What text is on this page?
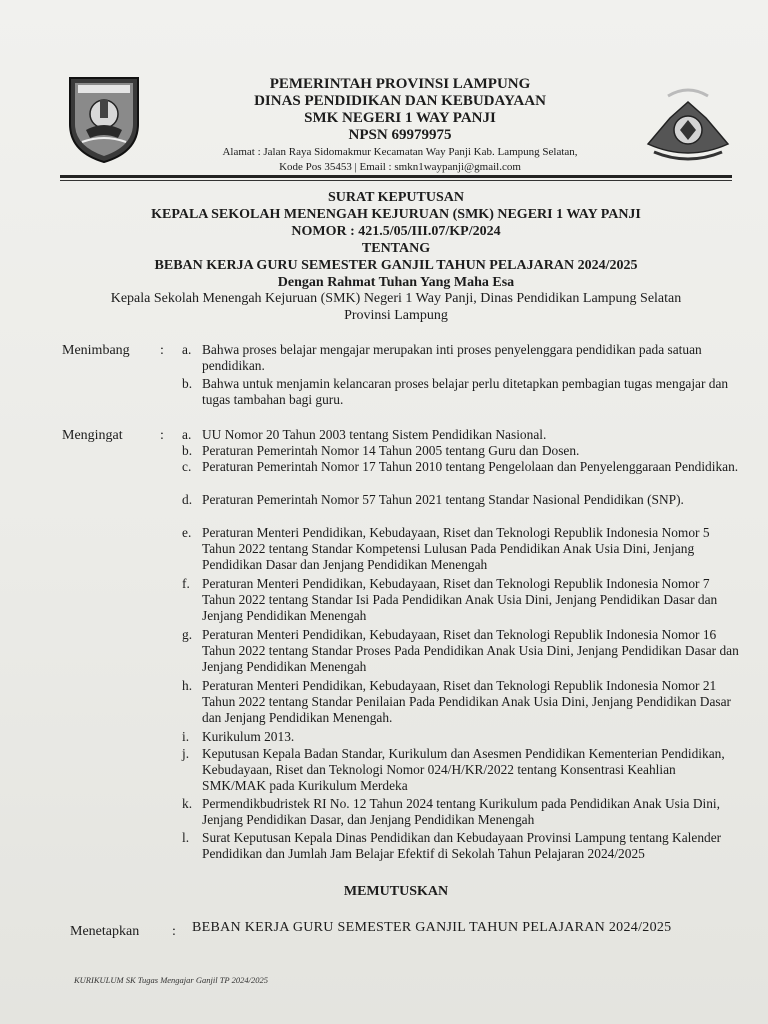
PEMERINTAH PROVINSI LAMPUNG
DINAS PENDIDIKAN DAN KEBUDAYAAN
SMK NEGERI 1 WAY PANJI
NPSN 69979975
Alamat : Jalan Raya Sidomakmur Kecamatan Way Panji Kab. Lampung Selatan,
Kode Pos 35453 | Email : smkn1waypanji@gmail.com
SURAT KEPUTUSAN
KEPALA SEKOLAH MENENGAH KEJURUAN (SMK) NEGERI 1 WAY PANJI
NOMOR : 421.5/05/III.07/KP/2024
TENTANG
BEBAN KERJA GURU SEMESTER GANJIL TAHUN PELAJARAN 2024/2025
Dengan Rahmat Tuhan Yang Maha Esa
Kepala Sekolah Menengah Kejuruan (SMK) Negeri 1 Way Panji, Dinas Pendidikan Lampung Selatan
Provinsi Lampung
Menimbang : a. Bahwa proses belajar mengajar merupakan inti proses penyelenggara pendidikan pada satuan pendidikan.
b. Bahwa untuk menjamin kelancaran proses belajar perlu ditetapkan pembagian tugas mengajar dan tugas tambahan bagi guru.
Mengingat	: a. UU Nomor 20 Tahun 2003 tentang Sistem Pendidikan Nasional.
b. Peraturan Pemerintah Nomor 14 Tahun 2005 tentang Guru dan Dosen.
c. Peraturan Pemerintah Nomor 17 Tahun 2010 tentang Pengelolaan dan Penyelenggaraan Pendidikan.
d. Peraturan Pemerintah Nomor 57 Tahun 2021 tentang Standar Nasional Pendidikan (SNP).
e. Peraturan Menteri Pendidikan, Kebudayaan, Riset dan Teknologi Republik Indonesia Nomor 5 Tahun 2022 tentang Standar Kompetensi Lulusan Pada Pendidikan Anak Usia Dini, Jenjang Pendidikan Dasar dan Jenjang Pendidikan Menengah
f. Peraturan Menteri Pendidikan, Kebudayaan, Riset dan Teknologi Republik Indonesia Nomor 7 Tahun 2022 tentang Standar Isi Pada Pendidikan Anak Usia Dini, Jenjang Pendidikan Dasar dan Jenjang Pendidikan Menengah
g. Peraturan Menteri Pendidikan, Kebudayaan, Riset dan Teknologi Republik Indonesia Nomor 16 Tahun 2022 tentang Standar Proses Pada Pendidikan Anak Usia Dini, Jenjang Pendidikan Dasar dan Jenjang Pendidikan Menengah
h. Peraturan Menteri Pendidikan, Kebudayaan, Riset dan Teknologi Republik Indonesia Nomor 21 Tahun 2022 tentang Standar Penilaian Pada Pendidikan Anak Usia Dini, Jenjang Pendidikan Dasar dan Jenjang Pendidikan Menengah.
i. Kurikulum 2013.
j. Keputusan Kepala Badan Standar, Kurikulum dan Asesmen Pendidikan Kementerian Pendidikan, Kebudayaan, Riset dan Teknologi Nomor 024/H/KR/2022 tentang Konsentrasi Keahlian SMK/MAK pada Kurikulum Merdeka
k. Permendikbudristek RI No. 12 Tahun 2024 tentang Kurikulum pada Pendidikan Anak Usia Dini, Jenjang Pendidikan Dasar, dan Jenjang Pendidikan Menengah
l. Surat Keputusan Kepala Dinas Pendidikan dan Kebudayaan Provinsi Lampung tentang Kalender Pendidikan dan Jumlah Jam Belajar Efektif di Sekolah Tahun Pelajaran 2024/2025
MEMUTUSKAN
Menetapkan : BEBAN KERJA GURU SEMESTER GANJIL TAHUN PELAJARAN 2024/2025
KURIKULUM SK Tugas Mengajar Ganjil TP 2024/2025
